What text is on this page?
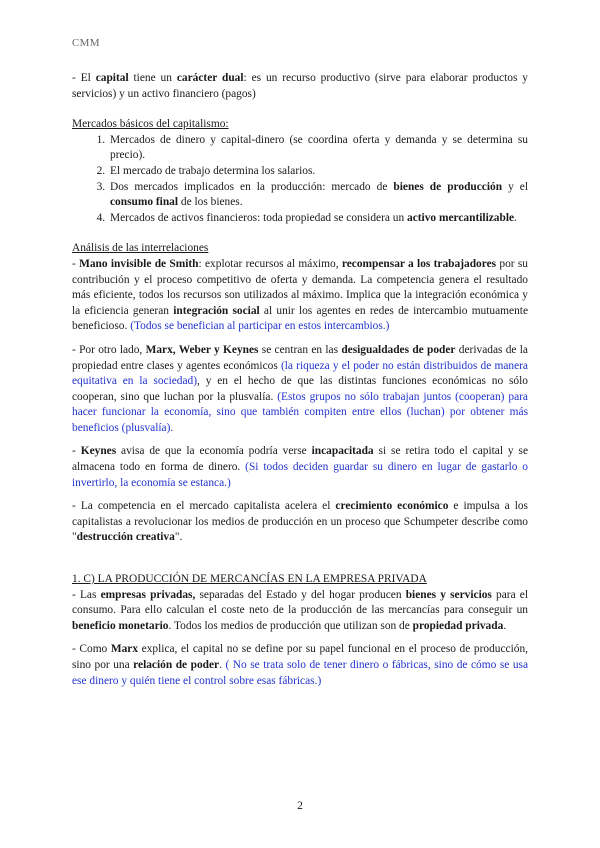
CMM

- El capital tiene un carácter dual: es un recurso productivo (sirve para elaborar productos y servicios) y un activo financiero (pagos)

Mercados básicos del capitalismo:

1. Mercados de dinero y capital-dinero (se coordina oferta y demanda y se determina su precio).
2. El mercado de trabajo determina los salarios.
3. Dos mercados implicados en la producción: mercado de bienes de producción y el consumo final de los bienes.
4. Mercados de activos financieros: toda propiedad se considera un activo mercantilizable.

Análisis de las interrelaciones

- Mano invisible de Smith: explotar recursos al máximo, recompensar a los trabajadores por su contribución y el proceso competitivo de oferta y demanda. La competencia genera el resultado más eficiente, todos los recursos son utilizados al máximo. Implica que la integración económica y la eficiencia generan integración social al unir los agentes en redes de intercambio mutuamente beneficioso. (Todos se benefician al participar en estos intercambios.)

- Por otro lado, Marx, Weber y Keynes se centran en las desigualdades de poder derivadas de la propiedad entre clases y agentes económicos (la riqueza y el poder no están distribuidos de manera equitativa en la sociedad), y en el hecho de que las distintas funciones económicas no sólo cooperan, sino que luchan por la plusvalía. (Estos grupos no sólo trabajan juntos (cooperan) para hacer funcionar la economía, sino que también compiten entre ellos (luchan) por obtener más beneficios (plusvalía).

- Keynes avisa de que la economía podría verse incapacitada si se retira todo el capital y se almacena todo en forma de dinero. (Si todos deciden guardar su dinero en lugar de gastarlo o invertirlo, la economía se estanca.)

- La competencia en el mercado capitalista acelera el crecimiento económico e impulsa a los capitalistas a revolucionar los medios de producción en un proceso que Schumpeter describe como "destrucción creativa".

1. C) LA PRODUCCIÓN DE MERCANCÍAS EN LA EMPRESA PRIVADA

- Las empresas privadas, separadas del Estado y del hogar producen bienes y servicios para el consumo. Para ello calculan el coste neto de la producción de las mercancías para conseguir un beneficio monetario. Todos los medios de producción que utilizan son de propiedad privada.

- Como Marx explica, el capital no se define por su papel funcional en el proceso de producción, sino por una relación de poder. ( No se trata solo de tener dinero o fábricas, sino de cómo se usa ese dinero y quién tiene el control sobre esas fábricas.)

2
